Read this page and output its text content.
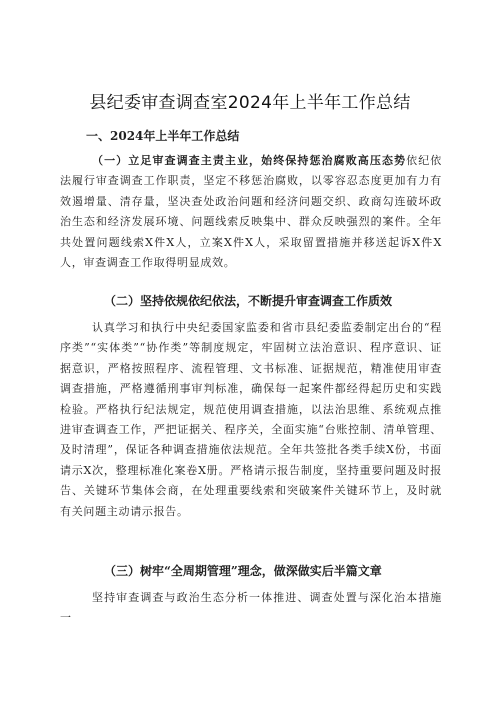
县纪委审查调查室2024年上半年工作总结
一、2024年上半年工作总结

（一）立足审查调查主责主业，始终保持惩治腐败高压态势依纪依法履行审查调查工作职责，坚定不移惩治腐败，以零容忍态度更加有力有效遏增量、清存量，坚决查处政治问题和经济问题交织、政商勾连破坏政治生态和经济发展环境、问题线索反映集中、群众反映强烈的案件。全年共处置问题线索X件X人，立案X件X人，采取留置措施并移送起诉X件X人，审查调查工作取得明显成效。

（二）坚持依规依纪依法，不断提升审查调查工作质效

认真学习和执行中央纪委国家监委和省市县纪委监委制定出台的“程序类”“实体类”“协作类”等制度规定，牢固树立法治意识、程序意识、证据意识，严格按照程序、流程管理、文书标准、证据规范，精准使用审查调查措施，严格遵循刑事审判标准，确保每一起案件都经得起历史和实践检验。严格执行纪法规定，规范使用调查措施，以法治思维、系统观点推进审查调查工作，严把证据关、程序关，全面实施“台账控制、清单管理、及时清理”，保证各种调查措施依法规范。全年共签批各类手续X份，书面请示X次，整理标准化案卷X册。严格请示报告制度，坚持重要问题及时报告、关键环节集体会商，在处理重要线索和突破案件关键环节上，及时就有关问题主动请示报告。

（三）树牢“全周期管理”理念，做深做实后半篇文章

坚持审查调查与政治生态分析一体推进、调查处置与深化治本措施一
